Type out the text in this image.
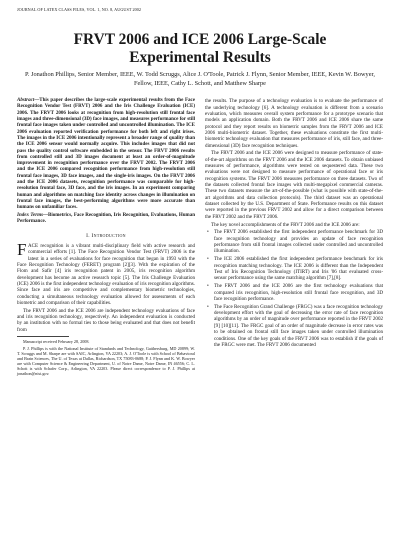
JOURNAL OF LATEX CLASS FILES, VOL. 1, NO. 8, AUGUST 2002
FRVT 2006 and ICE 2006 Large-Scale Experimental Results
P. Jonathon Phillips, Senior Member, IEEE, W. Todd Scruggs, Alice J. O'Toole, Patrick J. Flynn, Senior Member, IEEE, Kevin W. Bowyer, Fellow, IEEE, Cathy L. Schott, and Matthew Sharpe

Abstract—This paper describes the large-scale experimental results from the Face Recognition Vendor Test (FRVT) 2006 and the Iris Challenge Evaluation (ICE) 2006. The FRVT 2006 looks at recognition from high-resolution still frontal face images and three-dimensional (3D) face images, and measures performance for still frontal face images taken under controlled and uncontrolled illumination. The ICE 2006 evaluation reported verification performance for both left and right irises. The images in the ICE 2006 intentionally represent a broader range of quality than the ICE 2006 sensor would normally acquire. This includes images that did not pass the quality control software embedded in the sensor. The FRVT 2006 results from controlled still and 3D images document at least an order-of-magnitude improvement in recognition performance over the FRVT 2002. The FRVT 2006 and the ICE 2006 compared recognition performance from high-resolution still frontal face images, 3D face images, and the single-iris images. On the FRVT 2006 and the ICE 2006 datasets, recognition performance was comparable for high-resolution frontal face, 3D face, and the iris images. In an experiment comparing human and algorithms on matching face identity across changes in illumination on frontal face images, the best-performing algorithms were more accurate than humans on unfamiliar faces.

Index Terms—Biometrics, Face Recognition, Iris Recognition, Evaluations, Human Performance.

I. Introduction

FACE recognition is a vibrant multi-disciplinary field with active research and commercial efforts [1]. The Face Recognition Vendor Test (FRVT) 2006 is the latest in a series of evaluations for face recognition that began in 1993 with the Face Recognition Technology (FERET) program [2][3]. With the expiration of the Flom and Safir [4] iris recognition patent in 2005, iris recognition algorithm development has become an active research topic [5]. The Iris Challenge Evaluation (ICE) 2006 is the first independent technology evaluation of iris recognition algorithms. Since face and iris are competitive and complementary biometric technologies, conducting a simultaneous technology evaluation allowed for assessments of each biometric and comparison of their capabilities.

The FRVT 2006 and the ICE 2006 are independent technology evaluations of face and iris recognition technology, respectively. An independent evaluation is conducted by an institution with no formal ties to those being evaluated and that does not benefit from

Manuscript received February 28, 2008.

P. J. Phillips is with the National Institute of Standards and Technology, Gaithersburg, MD 20899; W. T. Scruggs and M. Sharpe are with SAIC, Arlington, VA 22203; A. J. O'Toole is with School of Behavioral and Brain Sciences, The U. of Texas at Dallas, Richardson, TX 75083-0688; P. J. Flynn and K. W. Bowyer are with Computer Science & Engineering Department, U. of Notre Dame, Notre Dame, IN 46556; C. L. Schott is with Schafer Corp., Arlington, VA 22203. Please direct correspondence to P. J. Phillips at jonathon@nist.gov.

the results. The purpose of a technology evaluation is to evaluate the performance of the underlying technology [6]. A technology evaluation is different from a scenario evaluation, which measures overall system performance for a prototype scenario that models an application domain. Both the FRVT 2006 and ICE 2006 share the same protocol and they report results on biometric samples from the FRVT 2006 and ICE 2006 multi-biometric dataset. Together, these evaluations constitute the first multi-biometric technology evaluation that measures performance of iris, still face, and three-dimensional (3D) face recognition techniques.

The FRVT 2006 and the ICE 2006 were designed to measure performance of state-of-the-art algorithms on the FRVT 2006 and the ICE 2006 datasets. To obtain unbiased measures of performance, algorithms were tested on sequestered data. These two evaluations were not designed to measure performance of operational face or iris recognition systems. The FRVT 2006 measures performance on three datasets. Two of the datasets collected frontal face images with multi-megapixel commercial cameras. These two datasets measure the art-of-the-possible (what is possible with state-of-the-art algorithms and data collection protocols). The third dataset was an operational dataset collected by the U.S. Department of State. Performance results on this dataset were reported in the previous FRVT 2002 and allow for a direct comparison between the FRVT 2002 and the FRVT 2006.

The key novel accomplishments of the FRVT 2006 and the ICE 2006 are:

• The FRVT 2006 established the first independent performance benchmark for 3D face recognition technology and provides an update of face recognition performance from still frontal images collected under controlled and uncontrolled illumination.
• The ICE 2006 established the first independent performance benchmark for iris recognition matching technology. The ICE 2006 is different than the Independent Test of Iris Recognition Technology (ITIRT) and Iris '06 that evaluated cross-sensor performance using the same matching algorithm [7],[8].
• The FRVT 2006 and the ICE 2006 are the first technology evaluations that compared iris recognition, high-resolution still frontal face recognition, and 3D face recognition performance.
• The Face Recognition Grand Challenge (FRGC) was a face recognition technology development effort with the goal of decreasing the error rate of face recognition algorithms by an order of magnitude over performance reported in the FRVT 2002 [9] [10][11]. The FRGC goal of an order of magnitude decrease in error rates was to be obtained on frontal still face images taken under controlled illumination conditions. One of the key goals of the FRVT 2006 was to establish if the goals of the FRGC were met. The FRVT 2006 documented
